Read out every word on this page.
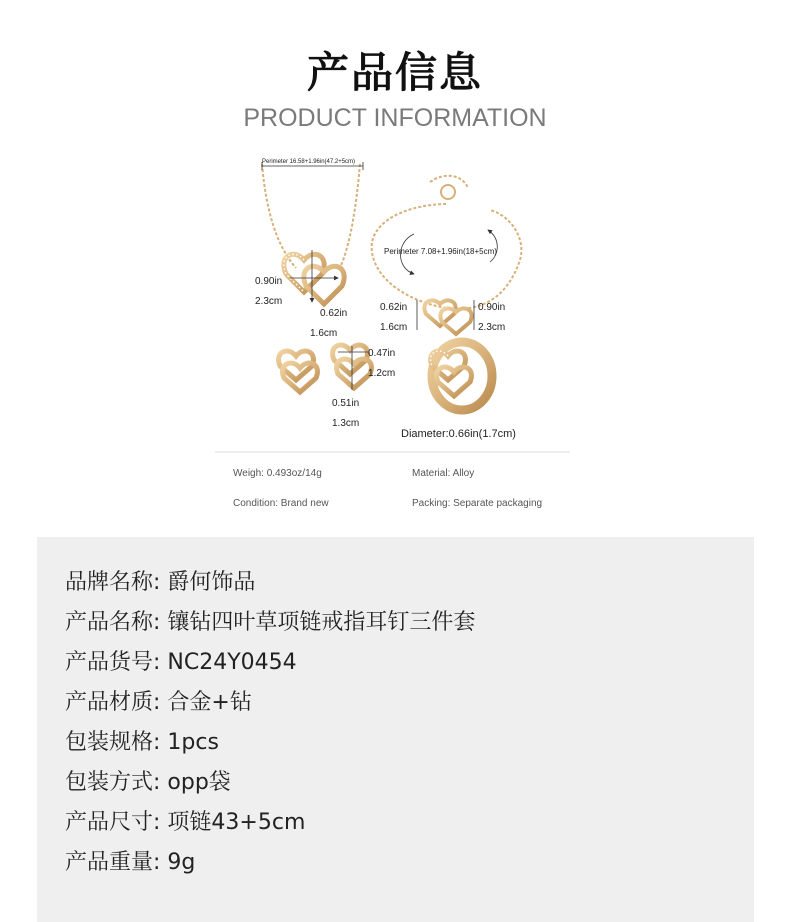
产品信息
PRODUCT INFORMATION
Perimeter 16.58+1.96in(47.2+5cm)
0.90in
2.3cm
0.62in
1.6cm
Perimeter 7.08+1.96in(18+5cm)
0.62in
1.6cm
0.90in
2.3cm
0.47in
1.2cm
0.51in
1.3cm
Diameter:0.66in(1.7cm)
Weigh: 0.493oz/14g	Material: Alloy
Condition: Brand new	Packing: Separate packaging
品牌名称: 爵何饰品
产品名称: 镶钻四叶草项链戒指耳钉三件套
产品货号: NC24Y0454
产品材质: 合金+钻
包装规格: 1pcs
包装方式: opp袋
产品尺寸: 项链43+5cm
产品重量: 9g
